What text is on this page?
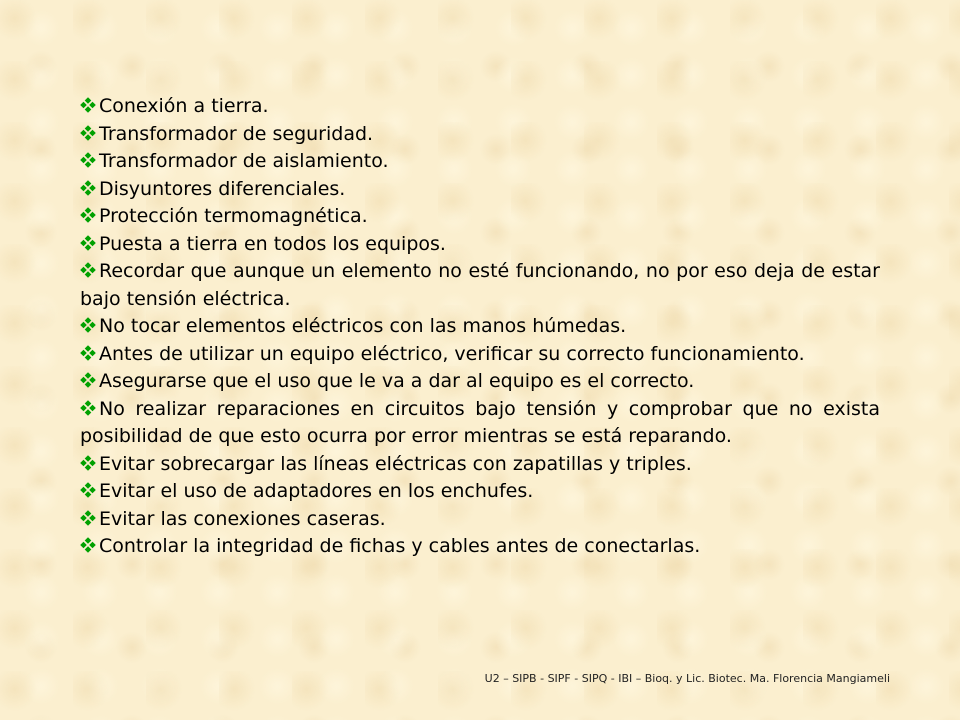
Conexión a tierra.
Transformador de seguridad.
Transformador de aislamiento.
Disyuntores diferenciales.
Protección termomagnética.
Puesta a tierra en todos los equipos.
Recordar que aunque un elemento no esté funcionando, no por eso deja de estar bajo tensión eléctrica.
No tocar elementos eléctricos con las manos húmedas.
Antes de utilizar un equipo eléctrico, verificar su correcto funcionamiento.
Asegurarse que el uso que le va a dar al equipo es el correcto.
No realizar reparaciones en circuitos bajo tensión y comprobar que no exista posibilidad de que esto ocurra por error mientras se está reparando.
Evitar sobrecargar las líneas eléctricas con zapatillas y triples.
Evitar el uso de adaptadores en los enchufes.
Evitar las conexiones caseras.
Controlar la integridad de fichas y cables antes de conectarlas.
U2 – SIPB - SIPF - SIPQ - IBI – Bioq. y Lic. Biotec. Ma. Florencia Mangiameli
